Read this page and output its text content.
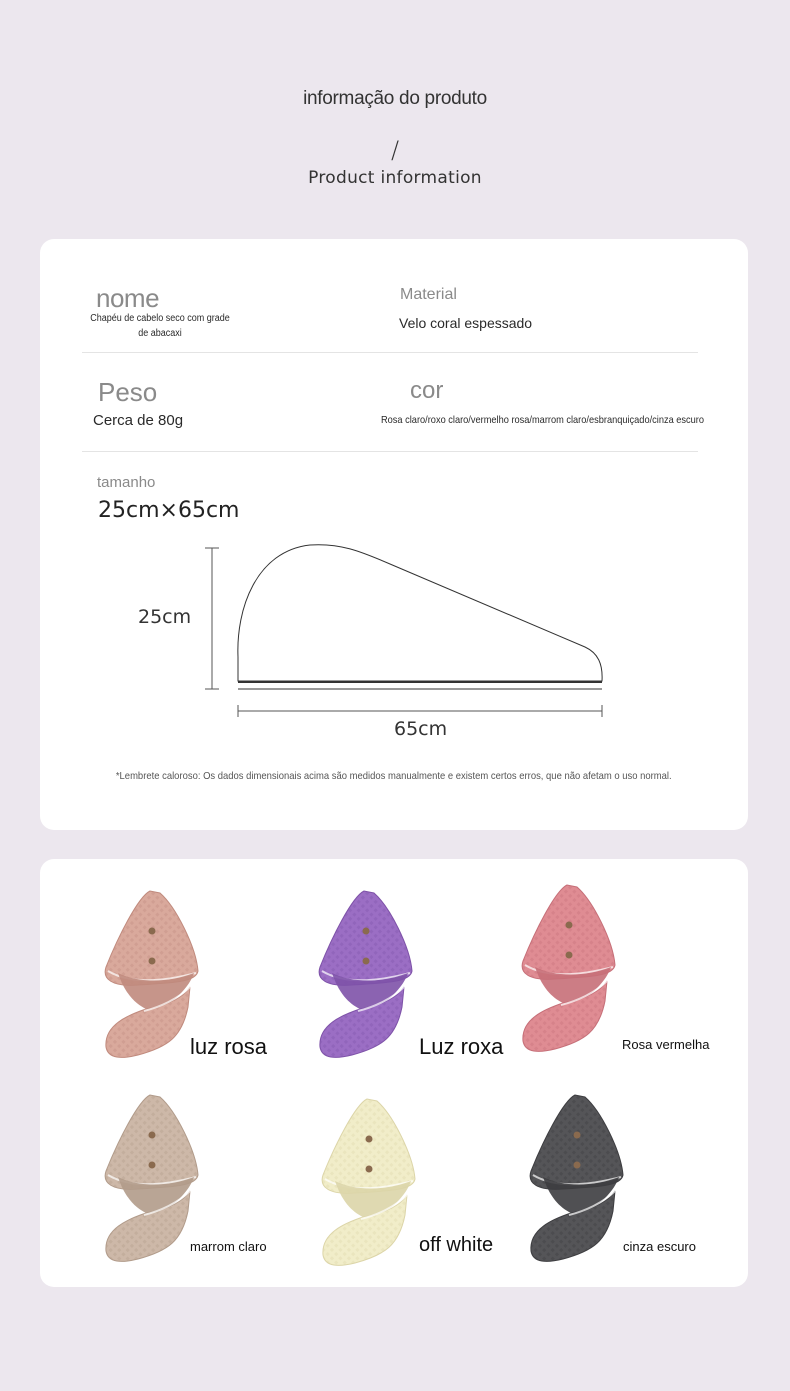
informação do produto
/
Product information
nome
Chapéu de cabelo seco com grade de abacaxi
Material
Velo coral espessado
Peso
Cerca de 80g
cor
Rosa claro/roxo claro/vermelho rosa/marrom claro/esbranquiçado/cinza escuro
tamanho
25cm×65cm
25cm
65cm
*Lembrete caloroso: Os dados dimensionais acima são medidos manualmente e existem certos erros, que não afetam o uso normal.
luz rosa	Luz roxa	Rosa vermelha
marrom claro	off white	cinza escuro
